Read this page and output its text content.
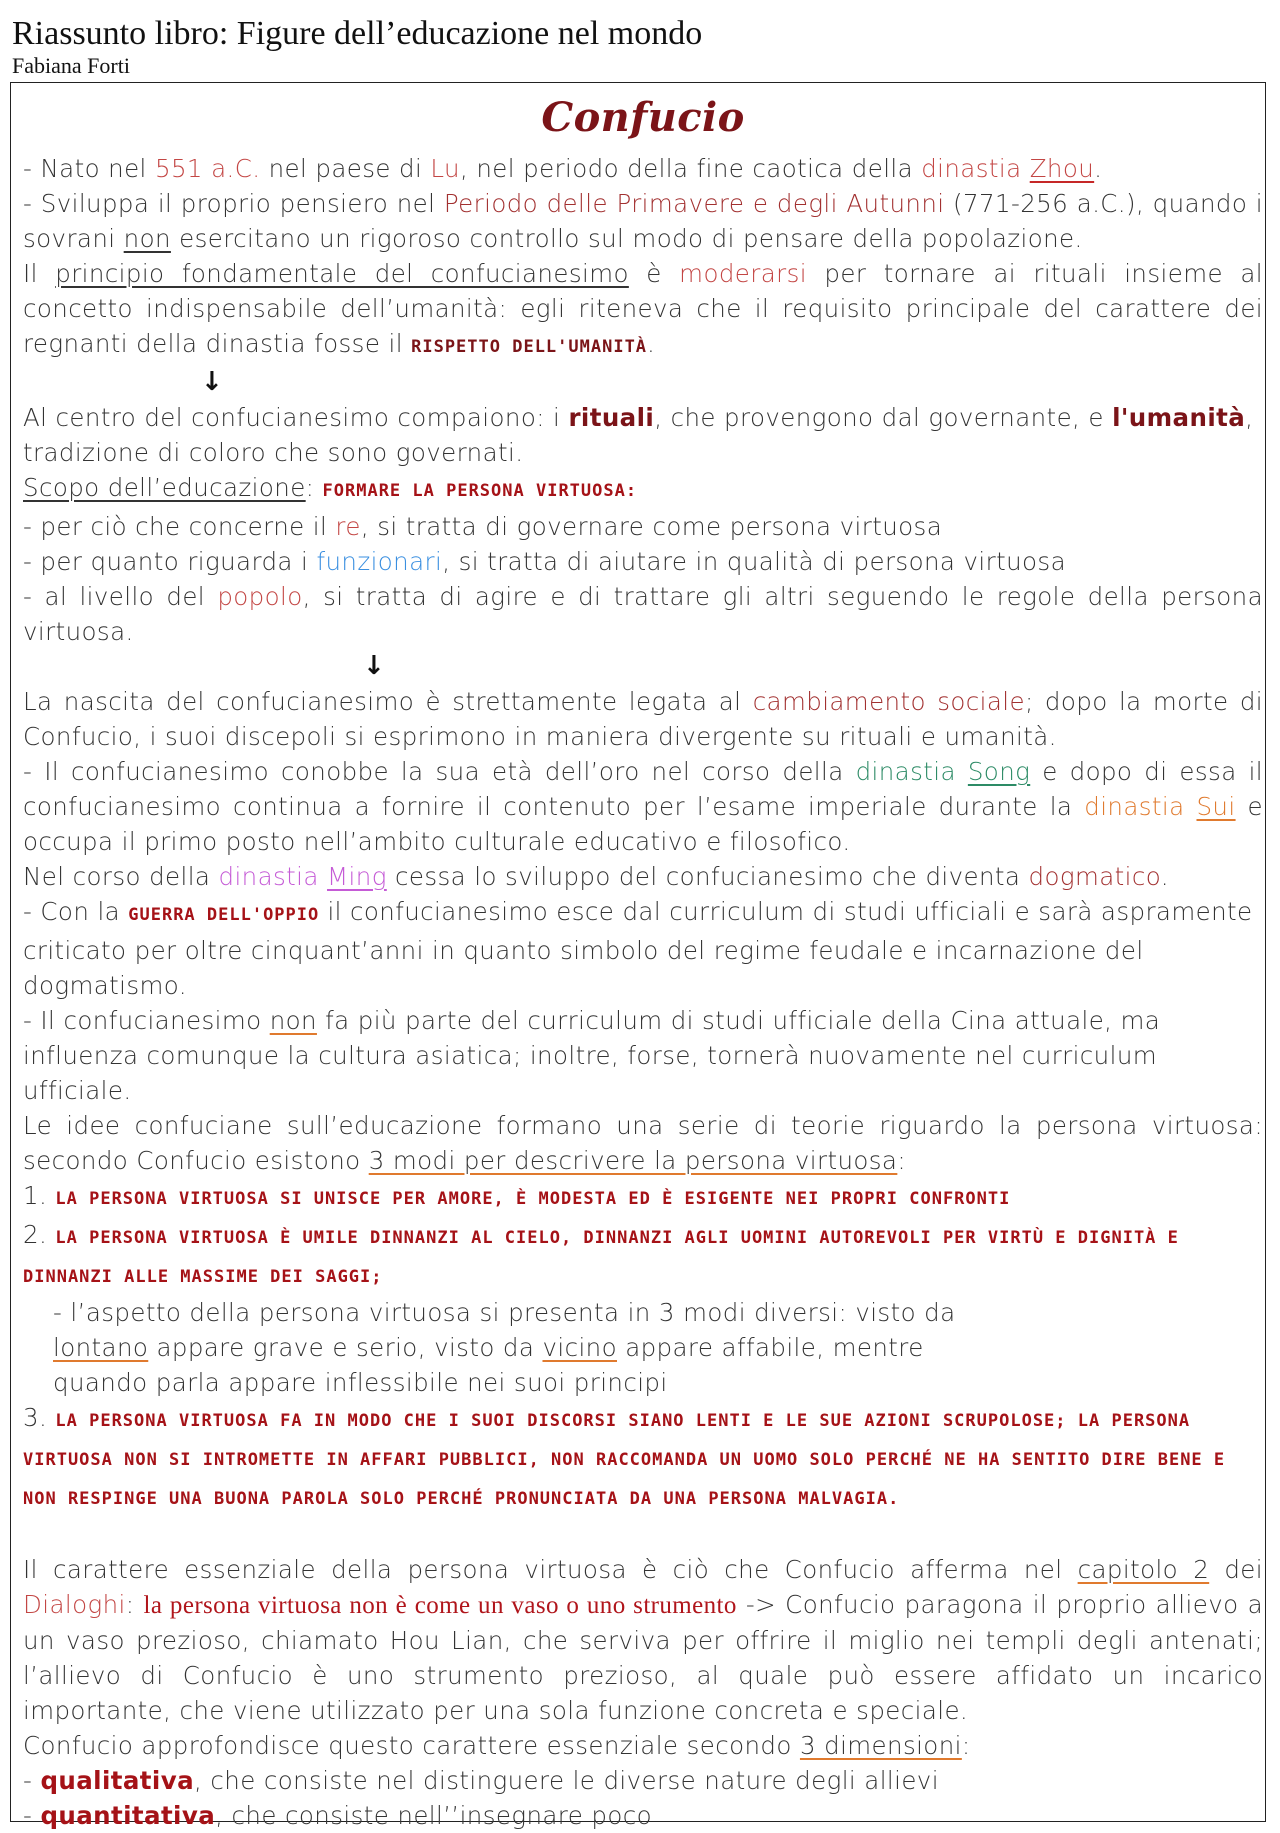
Riassunto libro: Figure dell’educazione nel mondo
Fabiana Forti
Confucio

- Nato nel 551 a.C. nel paese di Lu, nel periodo della fine caotica della dinastia Zhou.

- Sviluppa il proprio pensiero nel Periodo delle Primavere e degli Autunni (771-256 a.C.), quando i sovrani non esercitano un rigoroso controllo sul modo di pensare della popolazione.

Il principio fondamentale del confucianesimo è moderarsi per tornare ai rituali insieme al concetto indispensabile dell’umanità: egli riteneva che il requisito principale del carattere dei regnanti della dinastia fosse il RISPETTO DELL'UMANITÀ.

↓

Al centro del confucianesimo compaiono: i rituali, che provengono dal governante, e l'umanità, tradizione di coloro che sono governati.

Scopo dell’educazione: FORMARE LA PERSONA VIRTUOSA:

- per ciò che concerne il re, si tratta di governare come persona virtuosa

- per quanto riguarda i funzionari, si tratta di aiutare in qualità di persona virtuosa

- al livello del popolo, si tratta di agire e di trattare gli altri seguendo le regole della persona virtuosa.

↓

La nascita del confucianesimo è strettamente legata al cambiamento sociale; dopo la morte di Confucio, i suoi discepoli si esprimono in maniera divergente su rituali e umanità.

- Il confucianesimo conobbe la sua età dell’oro nel corso della dinastia Song e dopo di essa il confucianesimo continua a fornire il contenuto per l’esame imperiale durante la dinastia Sui e occupa il primo posto nell’ambito culturale educativo e filosofico.

Nel corso della dinastia Ming cessa lo sviluppo del confucianesimo che diventa dogmatico.

- Con la GUERRA DELL'OPPIO il confucianesimo esce dal curriculum di studi ufficiali e sarà aspramente criticato per oltre cinquant’anni in quanto simbolo del regime feudale e incarnazione del dogmatismo.

- Il confucianesimo non fa più parte del curriculum di studi ufficiale della Cina attuale, ma influenza comunque la cultura asiatica; inoltre, forse, tornerà nuovamente nel curriculum ufficiale.

Le idee confuciane sull’educazione formano una serie di teorie riguardo la persona virtuosa: secondo Confucio esistono 3 modi per descrivere la persona virtuosa:

1. LA PERSONA VIRTUOSA SI UNISCE PER AMORE, È MODESTA ED È ESIGENTE NEI PROPRI CONFRONTI

2. LA PERSONA VIRTUOSA È UMILE DINNANZI AL CIELO, DINNANZI AGLI UOMINI AUTOREVOLI PER VIRTÙ E DIGNITÀ E DINNANZI ALLE MASSIME DEI SAGGI;

- l’aspetto della persona virtuosa si presenta in 3 modi diversi: visto da lontano appare grave e serio, visto da vicino appare affabile, mentre quando parla appare inflessibile nei suoi principi

3. LA PERSONA VIRTUOSA FA IN MODO CHE I SUOI DISCORSI SIANO LENTI E LE SUE AZIONI SCRUPOLOSE; LA PERSONA VIRTUOSA NON SI INTROMETTE IN AFFARI PUBBLICI, NON RACCOMANDA UN UOMO SOLO PERCHÉ NE HA SENTITO DIRE BENE E NON RESPINGE UNA BUONA PAROLA SOLO PERCHÉ PRONUNCIATA DA UNA PERSONA MALVAGIA.

Il carattere essenziale della persona virtuosa è ciò che Confucio afferma nel capitolo 2 dei Dialoghi: la persona virtuosa non è come un vaso o uno strumento -> Confucio paragona il proprio allievo a un vaso prezioso, chiamato Hou Lian, che serviva per offrire il miglio nei templi degli antenati; l’allievo di Confucio è uno strumento prezioso, al quale può essere affidato un incarico importante, che viene utilizzato per una sola funzione concreta e speciale.

Confucio approfondisce questo carattere essenziale secondo 3 dimensioni:

- qualitativa, che consiste nel distinguere le diverse nature degli allievi

- quantitativa, che consiste nell’’insegnare poco
